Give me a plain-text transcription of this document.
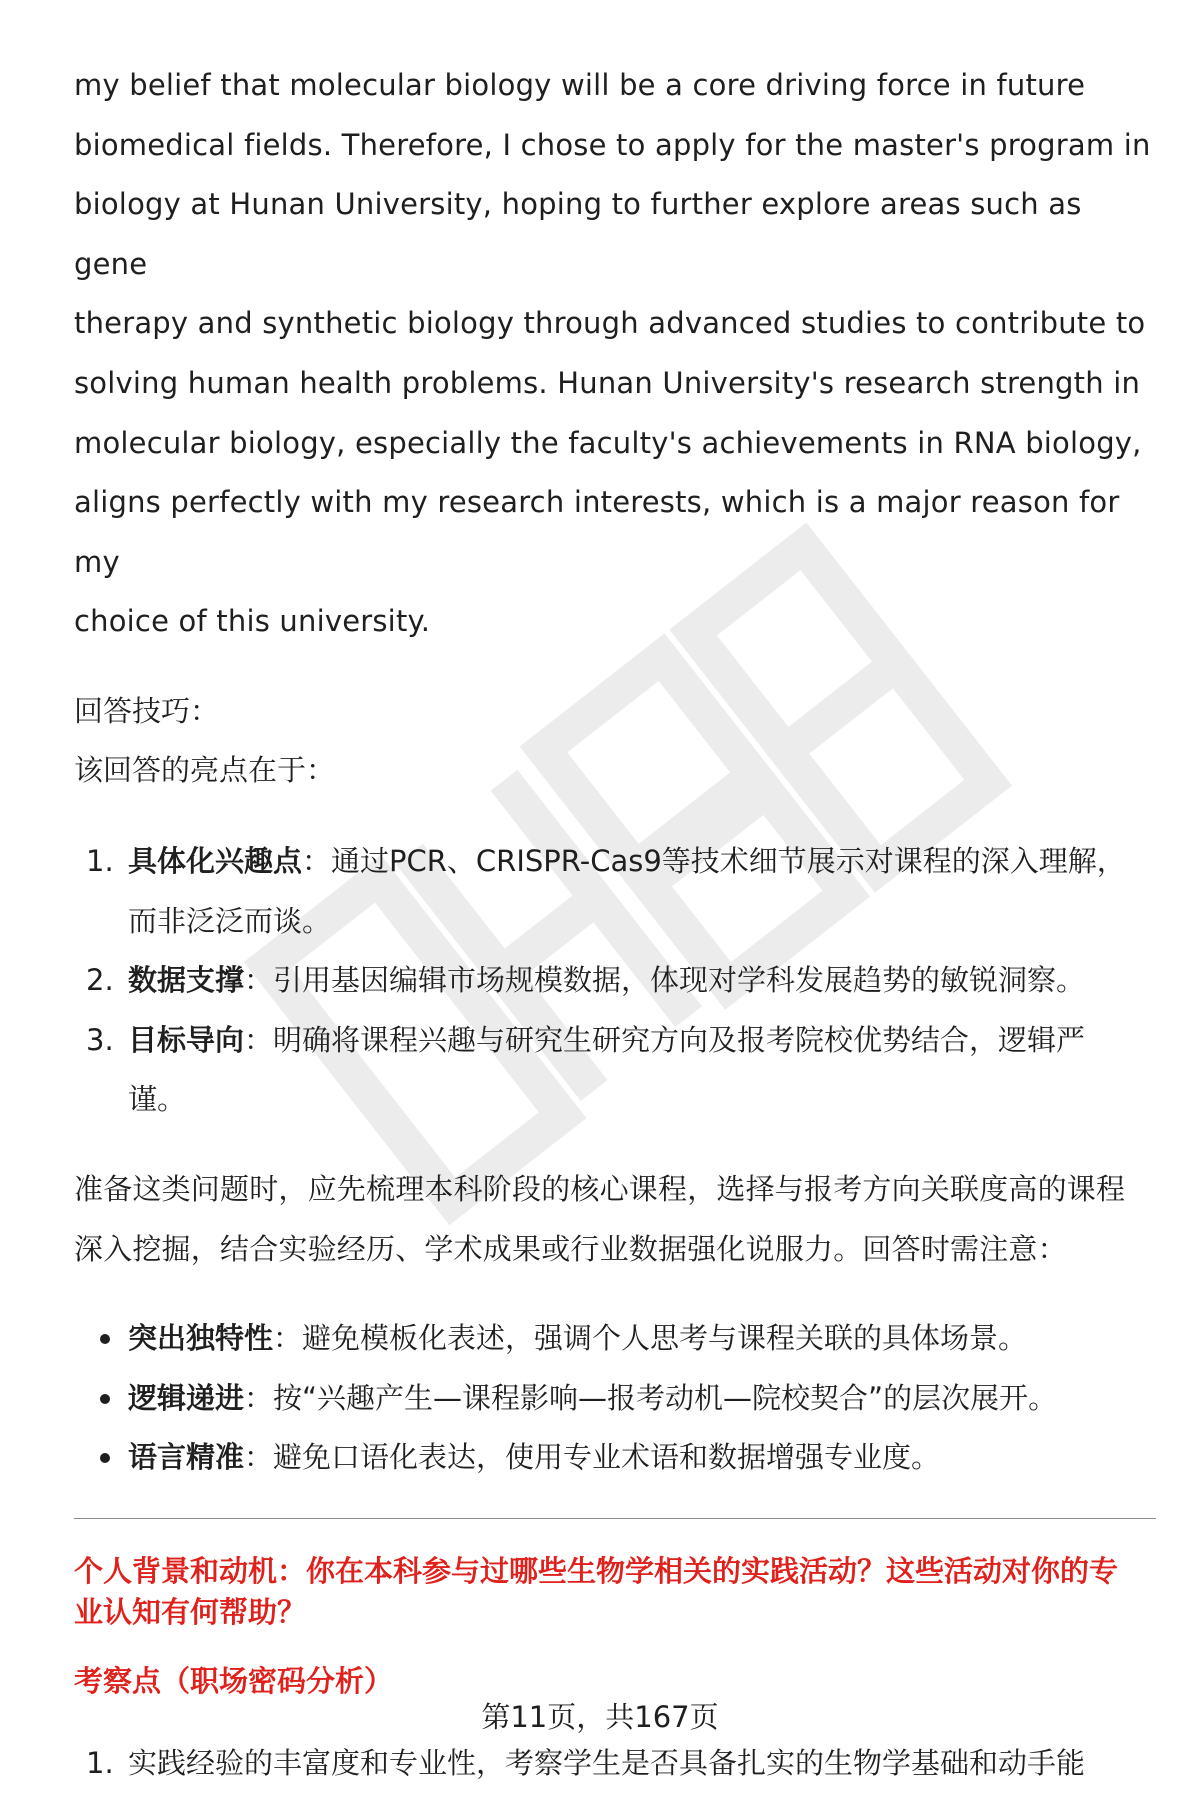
my belief that molecular biology will be a core driving force in future

biomedical fields. Therefore, I chose to apply for the master's program in

biology at Hunan University, hoping to further explore areas such as gene

therapy and synthetic biology through advanced studies to contribute to

solving human health problems. Hunan University's research strength in

molecular biology, especially the faculty's achievements in RNA biology,

aligns perfectly with my research interests, which is a major reason for my

choice of this university.

回答技巧：

该回答的亮点在于：

1. 具体化兴趣点：通过PCR、CRISPR-Cas9等技术细节展示对课程的深入理解，
而非泛泛而谈。
2. 数据支撑：引用基因编辑市场规模数据，体现对学科发展趋势的敏锐洞察。
3. 目标导向：明确将课程兴趣与研究生研究方向及报考院校优势结合，逻辑严
谨。

准备这类问题时，应先梳理本科阶段的核心课程，选择与报考方向关联度高的课程

深入挖掘，结合实验经历、学术成果或行业数据强化说服力。回答时需注意：

突出独特性：避免模板化表述，强调个人思考与课程关联的具体场景。
逻辑递进：按“兴趣产生—课程影响—报考动机—院校契合”的层次展开。
语言精准：避免口语化表达，使用专业术语和数据增强专业度。

个人背景和动机：你在本科参与过哪些生物学相关的实践活动？这些活动对你的专

业认知有何帮助？

考察点（职场密码分析）

1. 实践经验的丰富度和专业性，考察学生是否具备扎实的生物学基础和动手能
第11页，共167页
